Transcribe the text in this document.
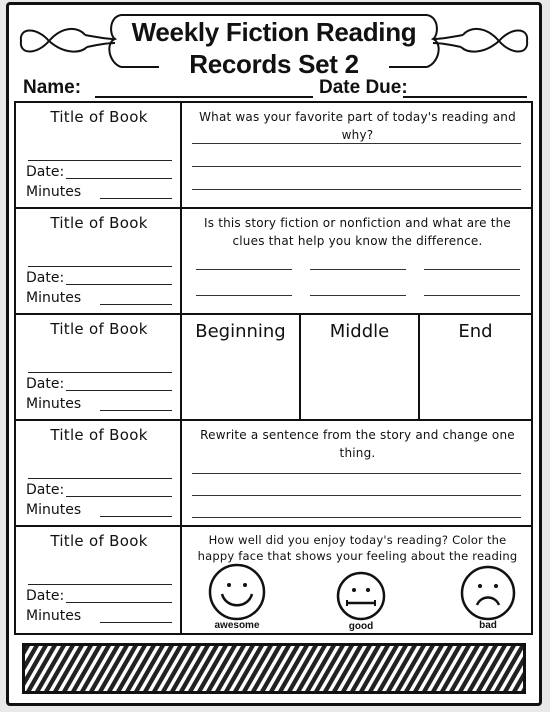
Weekly Fiction Reading
Records Set 2
Name:	Date Due:
Title of Book
Date:
Minutes
What was your favorite part of today's reading and why?
Title of Book
Date:
Minutes
Is this story fiction or nonfiction and what are the clues that help you know the difference.
Title of Book
Date:
Minutes
Beginning	Middle	End
Title of Book
Date:
Minutes
Rewrite a sentence from the story and change one thing.
Title of Book
Date:
Minutes
How well did you enjoy today's reading? Color the happy face that shows your feeling about the reading
awesome	good	bad
